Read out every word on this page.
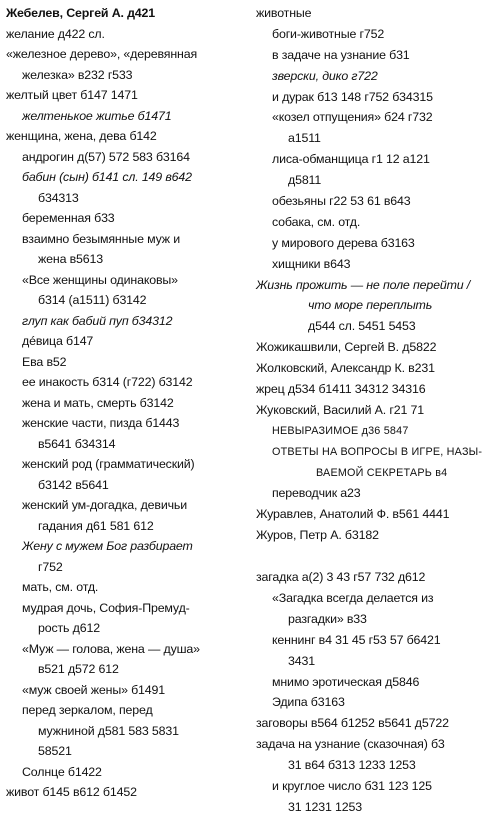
Жебелев, Сергей А. д421
желание д422 сл.
«железное дерево», «деревянная
железка» в232 г533
желтый цвет б147 1471
желтенькое житье б1471
женщина, жена, дева б142
андрогин д(57) 572 583 б3164
бабин (сын) б141 сл. 149 в642
б34313
беременная б33
взаимно безымянные муж и
жена в5613
«Все женщины одинаковы»
б314 (а1511) б3142
глуп как бабий пуп б34312
дéвица б147
Ева в52
ее инакость б314 (г722) б3142
жена и мать, смерть б3142
женские части, пизда б1443
в5641 б34314
женский род (грамматический)
б3142 в5641
женский ум-догадка, девичьи
гадания д61 581 612
Жену с мужем Бог разбирает
г752
мать, см. отд.
мудрая дочь, София-Премуд-
рость д612
«Муж — голова, жена — душа»
в521 д572 612
«муж своей жены» б1491
перед зеркалом, перед
мужниной д581 583 5831
58521
Солнце б1422
живот б145 в612 б1452
животные
боги-животные г752
в задаче на узнание б31
зверски, дико г722
и дурак б13 148 г752 б34315
«козел отпущения» б24 г732
а1511
лиса-обманщица г1 12 а121
д5811
обезьяны г22 53 61 в643
собака, см. отд.
у мирового дерева б3163
хищники в643
Жизнь прожить — не поле перейти /
что море переплыть
д544 сл. 5451 5453
Жожикашвили, Сергей В. д5822
Жолковский, Александр К. в231
жрец д534 б1411 34312 34316
Жуковский, Василий А. г21 71
НЕВЫРАЗИМОЕ д36 5847
ОТВЕТЫ НА ВОПРОСЫ В ИГРЕ, НАЗЫ-
ВАЕМОЙ СЕКРЕТАРЬ в4
переводчик а23
Журавлев, Анатолий Ф. в561 4441
Журов, Петр А. б3182
загадка а(2) 3 43 г57 732 д612
«Загадка всегда делается из
разгадки» в33
кеннинг в4 31 45 г53 57 б6421
3431
мнимо эротическая д5846
Эдипа б3163
заговоры в564 б1252 в5641 д5722
задача на узнание (сказочная) б3
31 в64 б313 1233 1253
и круглое число б31 123 125
31 1231 1253
